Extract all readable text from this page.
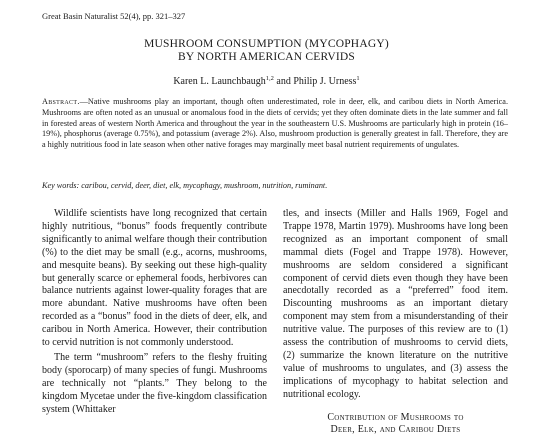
Great Basin Naturalist 52(4), pp. 321–327
MUSHROOM CONSUMPTION (MYCOPHAGY)
BY NORTH AMERICAN CERVIDS
Karen L. Launchbaugh$^{1,2}$ and Philip J. Urness$^1$

Abstract.—Native mushrooms play an important, though often underestimated, role in deer, elk, and caribou diets in North America. Mushrooms are often noted as an unusual or anomalous food in the diets of cervids; yet they often dominate diets in the late summer and fall in forested areas of western North America and throughout the year in the southeastern U.S. Mushrooms are particularly high in protein (16–19%), phosphorus (average 0.75%), and potassium (average 2%). Also, mushroom production is generally greatest in fall. Therefore, they are a highly nutritious food in late season when other native forages may marginally meet basal nutrient requirements of ungulates.

Key words: caribou, cervid, deer, diet, elk, mycophagy, mushroom, nutrition, ruminant.

Wildlife scientists have long recognized that certain highly nutritious, “bonus” foods frequently contribute significantly to animal welfare though their contribution (%) to the diet may be small (e.g., acorns, mushrooms, and mesquite beans). By seeking out these high-quality but generally scarce or ephemeral foods, herbivores can balance nutrients against lower-quality forages that are more abundant. Native mushrooms have often been recorded as a “bonus” food in the diets of deer, elk, and caribou in North America. However, their contribution to cervid nutrition is not commonly understood.

The term “mushroom” refers to the fleshy fruiting body (sporocarp) of many species of fungi. Mushrooms are technically not “plants.” They belong to the kingdom Mycetae under the five-kingdom classification system (Whittaker

tles, and insects (Miller and Halls 1969, Fogel and Trappe 1978, Martin 1979). Mushrooms have long been recognized as an important component of small mammal diets (Fogel and Trappe 1978). However, mushrooms are seldom considered a significant component of cervid diets even though they have been anecdotally recorded as a “preferred” food item. Discounting mushrooms as an important dietary component may stem from a misunderstanding of their nutritive value. The purposes of this review are to (1) assess the contribution of mushrooms to cervid diets, (2) summarize the known literature on the nutritive value of mushrooms to ungulates, and (3) assess the implications of mycophagy to habitat selection and nutritional ecology.

Contribution of Mushrooms to
Deer, Elk, and Caribou Diets
